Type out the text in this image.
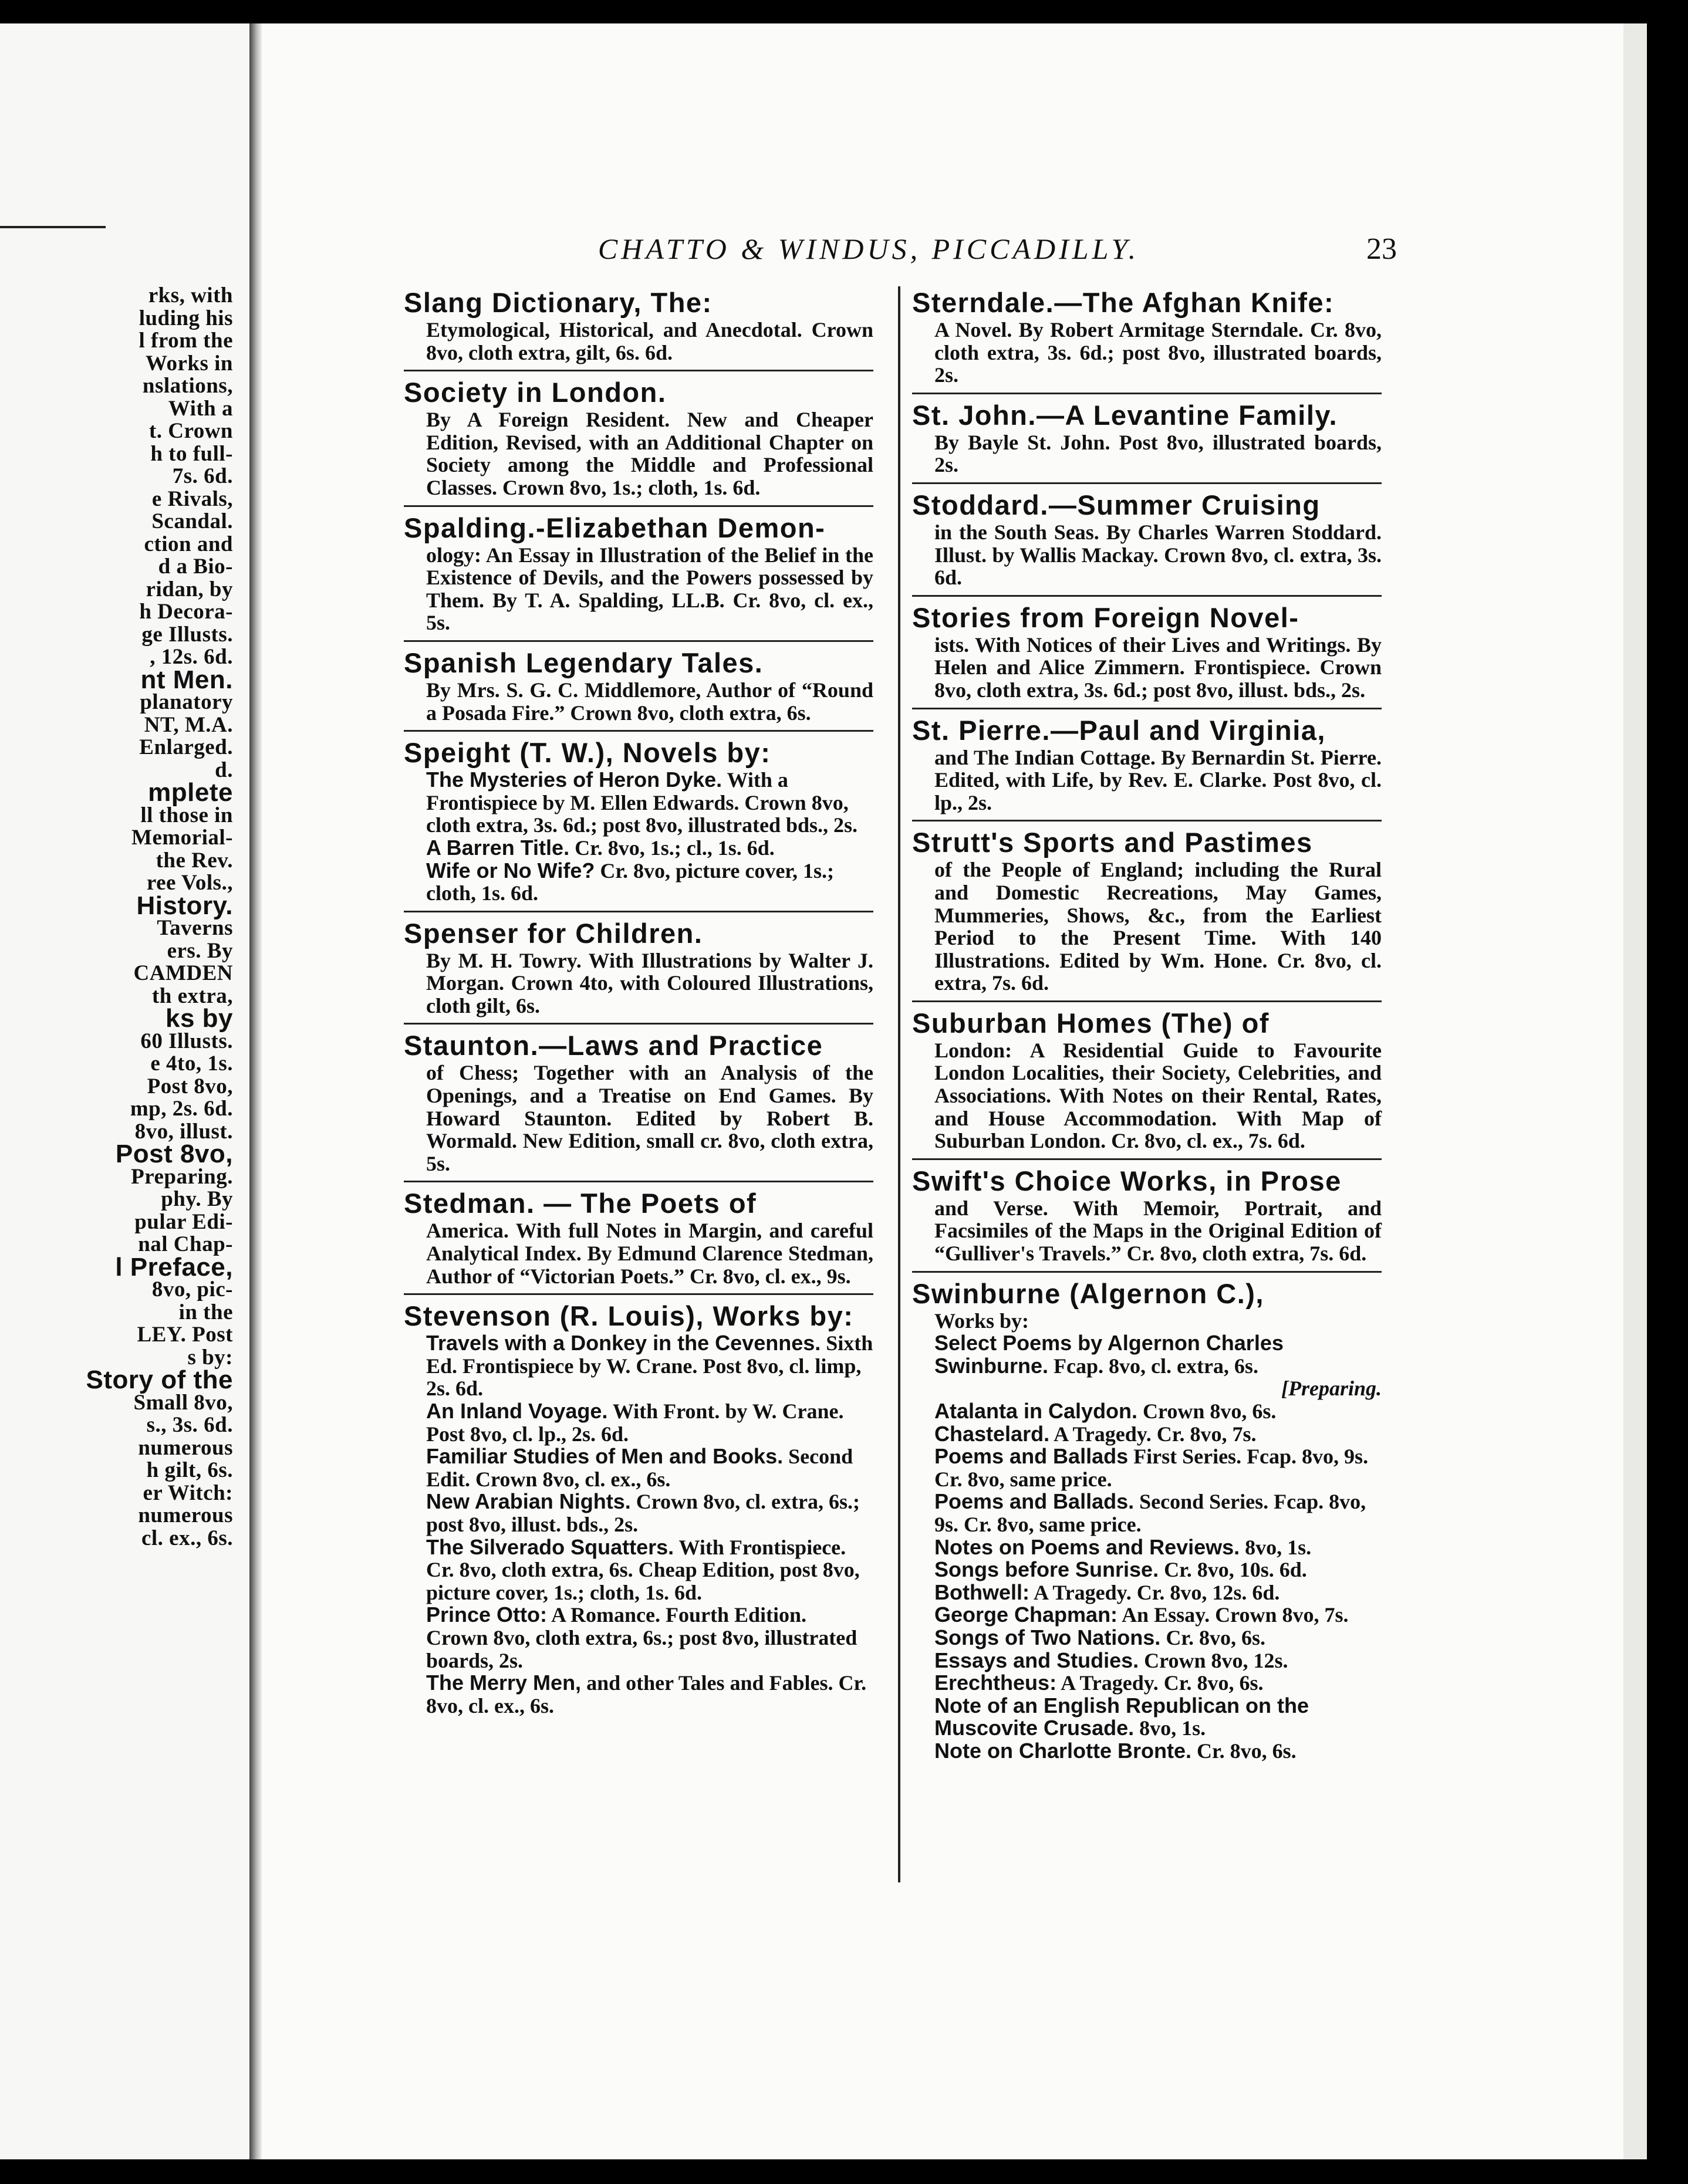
rks, with
luding his
l from the
Works in
nslations,
With a
t. Crown
h to full-
7s. 6d.
e Rivals,
Scandal.
ction and
d a Bio-
ridan, by
h Decora-
ge Illusts.
, 12s. 6d.
nt Men.
planatory
NT, M.A.
Enlarged.
d.
mplete
ll those in
Memorial-
the Rev.
ree Vols.,
History.
Taverns
ers. By
CAMDEN
th extra,
ks by
60 Illusts.
e 4to, 1s.
Post 8vo,
mp, 2s. 6d.
8vo, illust.
Post 8vo,
Preparing.
phy. By
pular Edi-
nal Chap-
l Preface,
8vo, pic-
in the
LEY. Post
s by:
Story of the
Small 8vo,
s., 3s. 6d.
numerous
h gilt, 6s.
er Witch:
numerous
cl. ex., 6s.
CHATTO & WINDUS, PICCADILLY.	23
Slang Dictionary, The:
Etymological, Historical, and Anecdotal. Crown 8vo, cloth extra, gilt, 6s. 6d.
Society in London.
By A Foreign Resident. New and Cheaper Edition, Revised, with an Additional Chapter on Society among the Middle and Professional Classes. Crown 8vo, 1s.; cloth, 1s. 6d.
Spalding.-Elizabethan Demon-
ology: An Essay in Illustration of the Belief in the Existence of Devils, and the Powers possessed by Them. By T. A. Spalding, LL.B. Cr. 8vo, cl. ex., 5s.
Spanish Legendary Tales.
By Mrs. S. G. C. Middlemore, Author of “Round a Posada Fire.” Crown 8vo, cloth extra, 6s.
Speight (T. W.), Novels by:
The Mysteries of Heron Dyke. With a Frontispiece by M. Ellen Edwards. Crown 8vo, cloth extra, 3s. 6d.; post 8vo, illustrated bds., 2s.
A Barren Title. Cr. 8vo, 1s.; cl., 1s. 6d.
Wife or No Wife? Cr. 8vo, picture cover, 1s.; cloth, 1s. 6d.
Spenser for Children.
By M. H. Towry. With Illustrations by Walter J. Morgan. Crown 4to, with Coloured Illustrations, cloth gilt, 6s.
Staunton.—Laws and Practice
of Chess; Together with an Analysis of the Openings, and a Treatise on End Games. By Howard Staunton. Edited by Robert B. Wormald. New Edition, small cr. 8vo, cloth extra, 5s.
Stedman. — The Poets of
America. With full Notes in Margin, and careful Analytical Index. By Edmund Clarence Stedman, Author of “Victorian Poets.” Cr. 8vo, cl. ex., 9s.
Stevenson (R. Louis), Works by:
Travels with a Donkey in the Cevennes. Sixth Ed. Frontispiece by W. Crane. Post 8vo, cl. limp, 2s. 6d.
An Inland Voyage. With Front. by W. Crane. Post 8vo, cl. lp., 2s. 6d.
Familiar Studies of Men and Books. Second Edit. Crown 8vo, cl. ex., 6s.
New Arabian Nights. Crown 8vo, cl. extra, 6s.; post 8vo, illust. bds., 2s.
The Silverado Squatters. With Frontispiece. Cr. 8vo, cloth extra, 6s. Cheap Edition, post 8vo, picture cover, 1s.; cloth, 1s. 6d.
Prince Otto: A Romance. Fourth Edition. Crown 8vo, cloth extra, 6s.; post 8vo, illustrated boards, 2s.
The Merry Men, and other Tales and Fables. Cr. 8vo, cl. ex., 6s.
Sterndale.—The Afghan Knife:
A Novel. By Robert Armitage Sterndale. Cr. 8vo, cloth extra, 3s. 6d.; post 8vo, illustrated boards, 2s.
St. John.—A Levantine Family.
By Bayle St. John. Post 8vo, illustrated boards, 2s.
Stoddard.—Summer Cruising
in the South Seas. By Charles Warren Stoddard. Illust. by Wallis Mackay. Crown 8vo, cl. extra, 3s. 6d.
Stories from Foreign Novel-
ists. With Notices of their Lives and Writings. By Helen and Alice Zimmern. Frontispiece. Crown 8vo, cloth extra, 3s. 6d.; post 8vo, illust. bds., 2s.
St. Pierre.—Paul and Virginia,
and The Indian Cottage. By Bernardin St. Pierre. Edited, with Life, by Rev. E. Clarke. Post 8vo, cl. lp., 2s.
Strutt's Sports and Pastimes
of the People of England; including the Rural and Domestic Recreations, May Games, Mummeries, Shows, &c., from the Earliest Period to the Present Time. With 140 Illustrations. Edited by Wm. Hone. Cr. 8vo, cl. extra, 7s. 6d.
Suburban Homes (The) of
London: A Residential Guide to Favourite London Localities, their Society, Celebrities, and Associations. With Notes on their Rental, Rates, and House Accommodation. With Map of Suburban London. Cr. 8vo, cl. ex., 7s. 6d.
Swift's Choice Works, in Prose
and Verse. With Memoir, Portrait, and Facsimiles of the Maps in the Original Edition of “Gulliver's Travels.” Cr. 8vo, cloth extra, 7s. 6d.
Swinburne (Algernon C.),
Works by:
Select Poems by Algernon Charles Swinburne. Fcap. 8vo, cl. extra, 6s.
[Preparing.
Atalanta in Calydon. Crown 8vo, 6s.
Chastelard. A Tragedy. Cr. 8vo, 7s.
Poems and Ballads First Series. Fcap. 8vo, 9s. Cr. 8vo, same price.
Poems and Ballads. Second Series. Fcap. 8vo, 9s. Cr. 8vo, same price.
Notes on Poems and Reviews. 8vo, 1s.
Songs before Sunrise. Cr. 8vo, 10s. 6d.
Bothwell: A Tragedy. Cr. 8vo, 12s. 6d.
George Chapman: An Essay. Crown 8vo, 7s.
Songs of Two Nations. Cr. 8vo, 6s.
Essays and Studies. Crown 8vo, 12s.
Erechtheus: A Tragedy. Cr. 8vo, 6s.
Note of an English Republican on the Muscovite Crusade. 8vo, 1s.
Note on Charlotte Bronte. Cr. 8vo, 6s.
